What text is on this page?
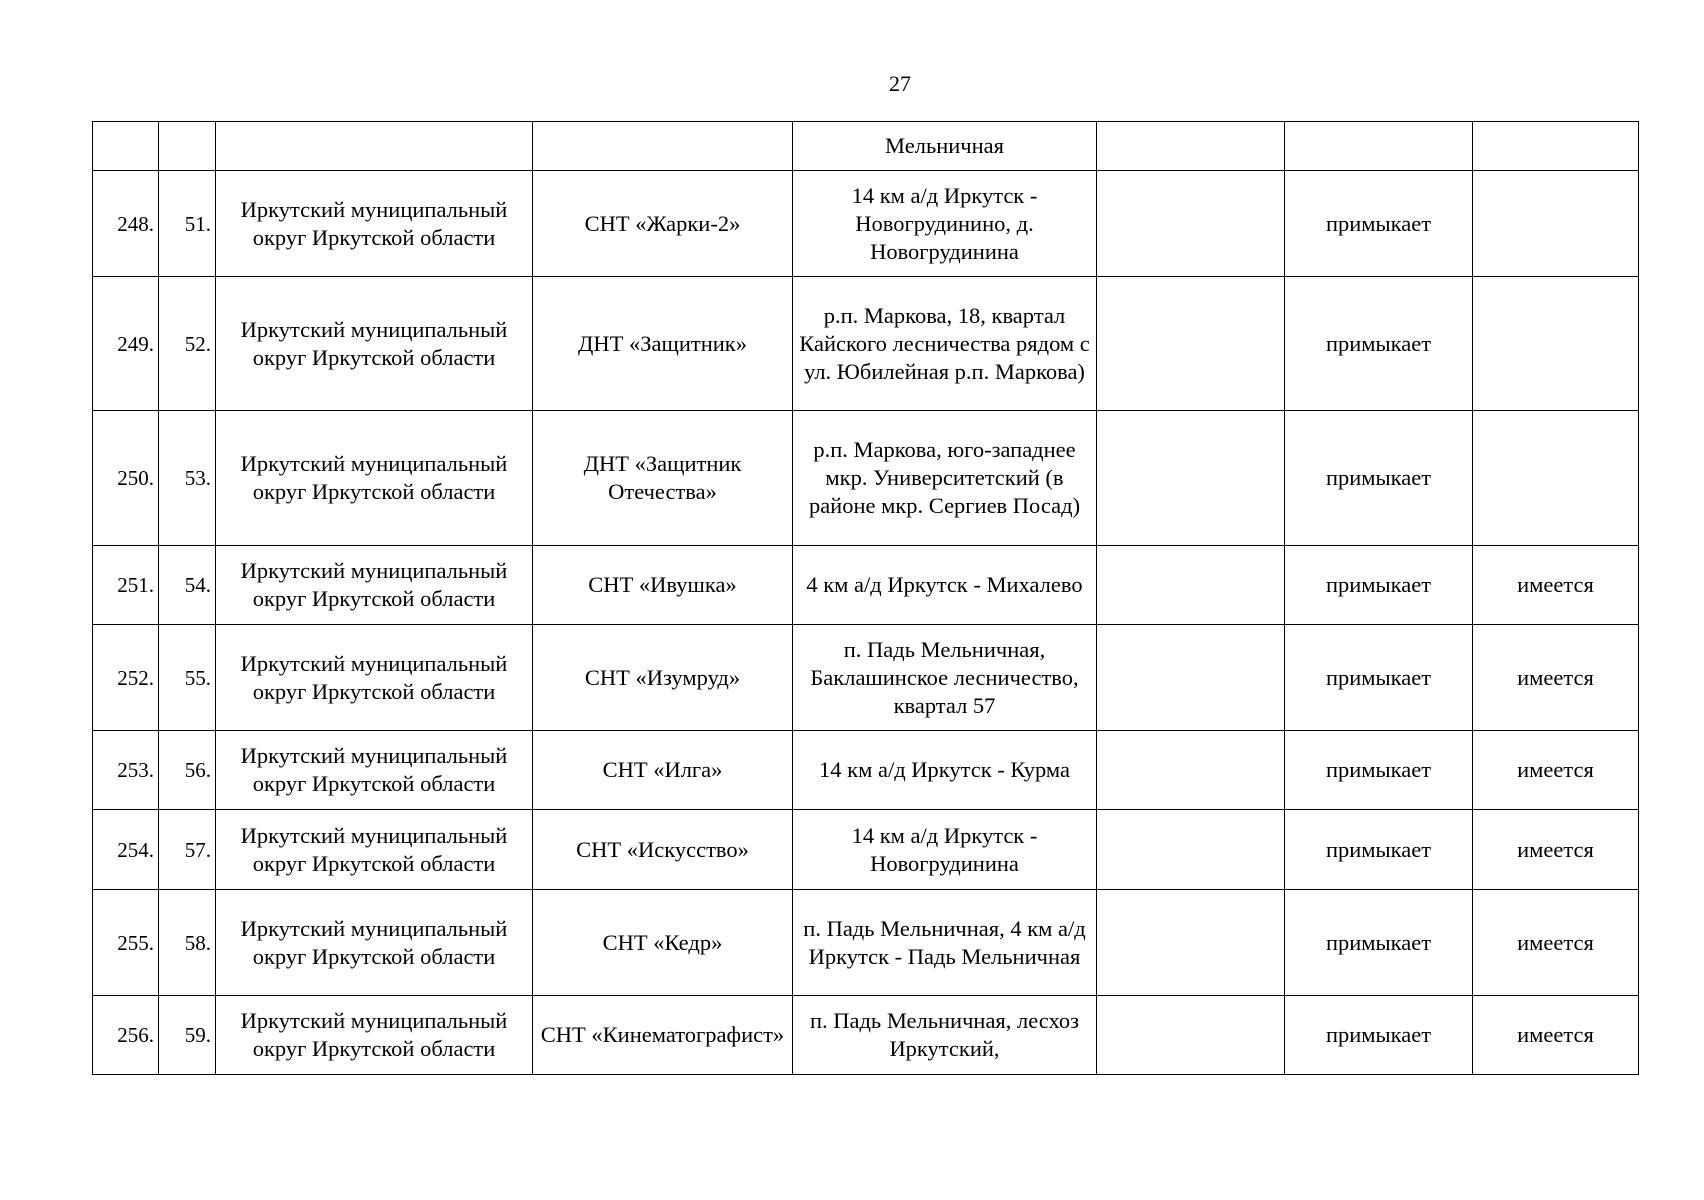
27
				Мельничная			
248.	51.	Иркутский муниципальный округ Иркутской области	СНТ «Жарки-2»	14 км а/д Иркутск - Новогрудинино, д. Новогрудинина		примыкает	
249.	52.	Иркутский муниципальный округ Иркутской области	ДНТ «Защитник»	р.п. Маркова, 18, квартал Кайского лесничества рядом с ул. Юбилейная р.п. Маркова)		примыкает	
250.	53.	Иркутский муниципальный округ Иркутской области	ДНТ «Защитник Отечества»	р.п. Маркова, юго-западнее мкр. Университетский (в районе мкр. Сергиев Посад)		примыкает	
251.	54.	Иркутский муниципальный округ Иркутской области	СНТ «Ивушка»	4 км а/д Иркутск - Михалево		примыкает	имеется
252.	55.	Иркутский муниципальный округ Иркутской области	СНТ «Изумруд»	п. Падь Мельничная, Баклашинское лесничество, квартал 57		примыкает	имеется
253.	56.	Иркутский муниципальный округ Иркутской области	СНТ «Илга»	14 км а/д Иркутск - Курма		примыкает	имеется
254.	57.	Иркутский муниципальный округ Иркутской области	СНТ «Искусство»	14 км а/д Иркутск - Новогрудинина		примыкает	имеется
255.	58.	Иркутский муниципальный округ Иркутской области	СНТ «Кедр»	п. Падь Мельничная, 4 км а/д Иркутск - Падь Мельничная		примыкает	имеется
256.	59.	Иркутский муниципальный округ Иркутской области	СНТ «Кинематографист»	п. Падь Мельничная, лесхоз Иркутский,		примыкает	имеется
